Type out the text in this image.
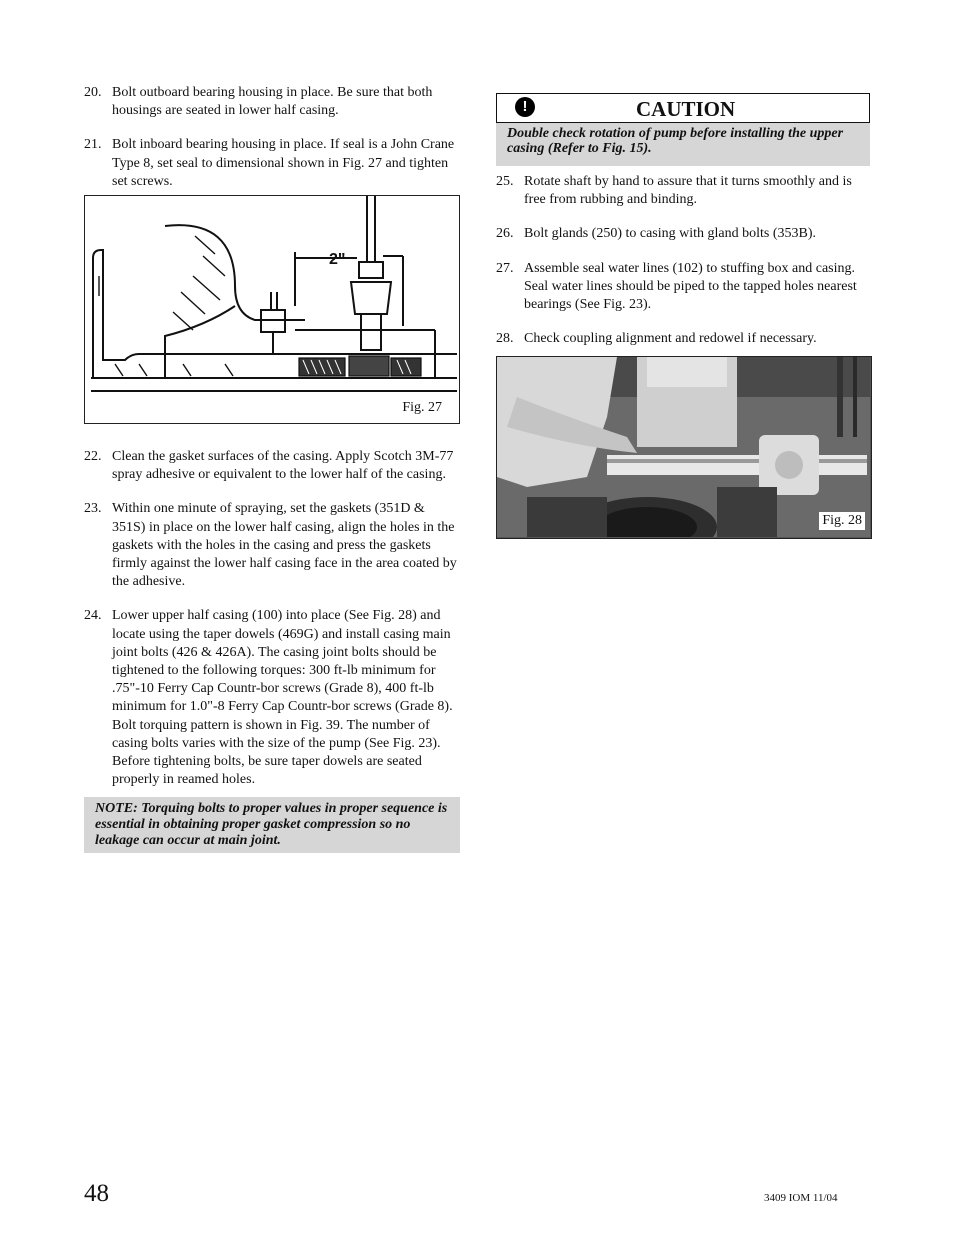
20. Bolt outboard bearing housing in place. Be sure that both housings are seated in lower half casing.
21. Bolt inboard bearing housing in place. If seal is a John Crane Type 8, set seal to dimensional shown in Fig. 27 and tighten set screws.
2"
Fig. 27
22. Clean the gasket surfaces of the casing. Apply Scotch 3M-77 spray adhesive or equivalent to the lower half of the casing.
23. Within one minute of spraying, set the gaskets (351D & 351S) in place on the lower half casing, align the holes in the gaskets with the holes in the casing and press the gaskets firmly against the lower half casing face in the area coated by the adhesive.
24. Lower upper half casing (100) into place (See Fig. 28) and locate using the taper dowels (469G) and install casing main joint bolts (426 & 426A). The casing joint bolts should be tightened to the following torques: 300 ft-lb minimum for .75"-10 Ferry Cap Countr-bor screws (Grade 8), 400 ft-lb minimum for 1.0"-8 Ferry Cap Countr-bor screws (Grade 8). Bolt torquing pattern is shown in Fig. 39. The number of casing bolts varies with the size of the pump (See Fig. 23). Before tightening bolts, be sure taper dowels are seated properly in reamed holes.
NOTE: Torquing bolts to proper values in proper sequence is essential in obtaining proper gasket compression so no leakage can occur at main joint.
!	CAUTION
Double check rotation of pump before installing the upper casing (Refer to Fig. 15).
25. Rotate shaft by hand to assure that it turns smoothly and is free from rubbing and binding.
26. Bolt glands (250) to casing with gland bolts (353B).
27. Assemble seal water lines (102) to stuffing box and casing. Seal water lines should be piped to the tapped holes nearest bearings (See Fig. 23).
28. Check coupling alignment and redowel if necessary.
Fig. 28
48	3409 IOM 11/04
